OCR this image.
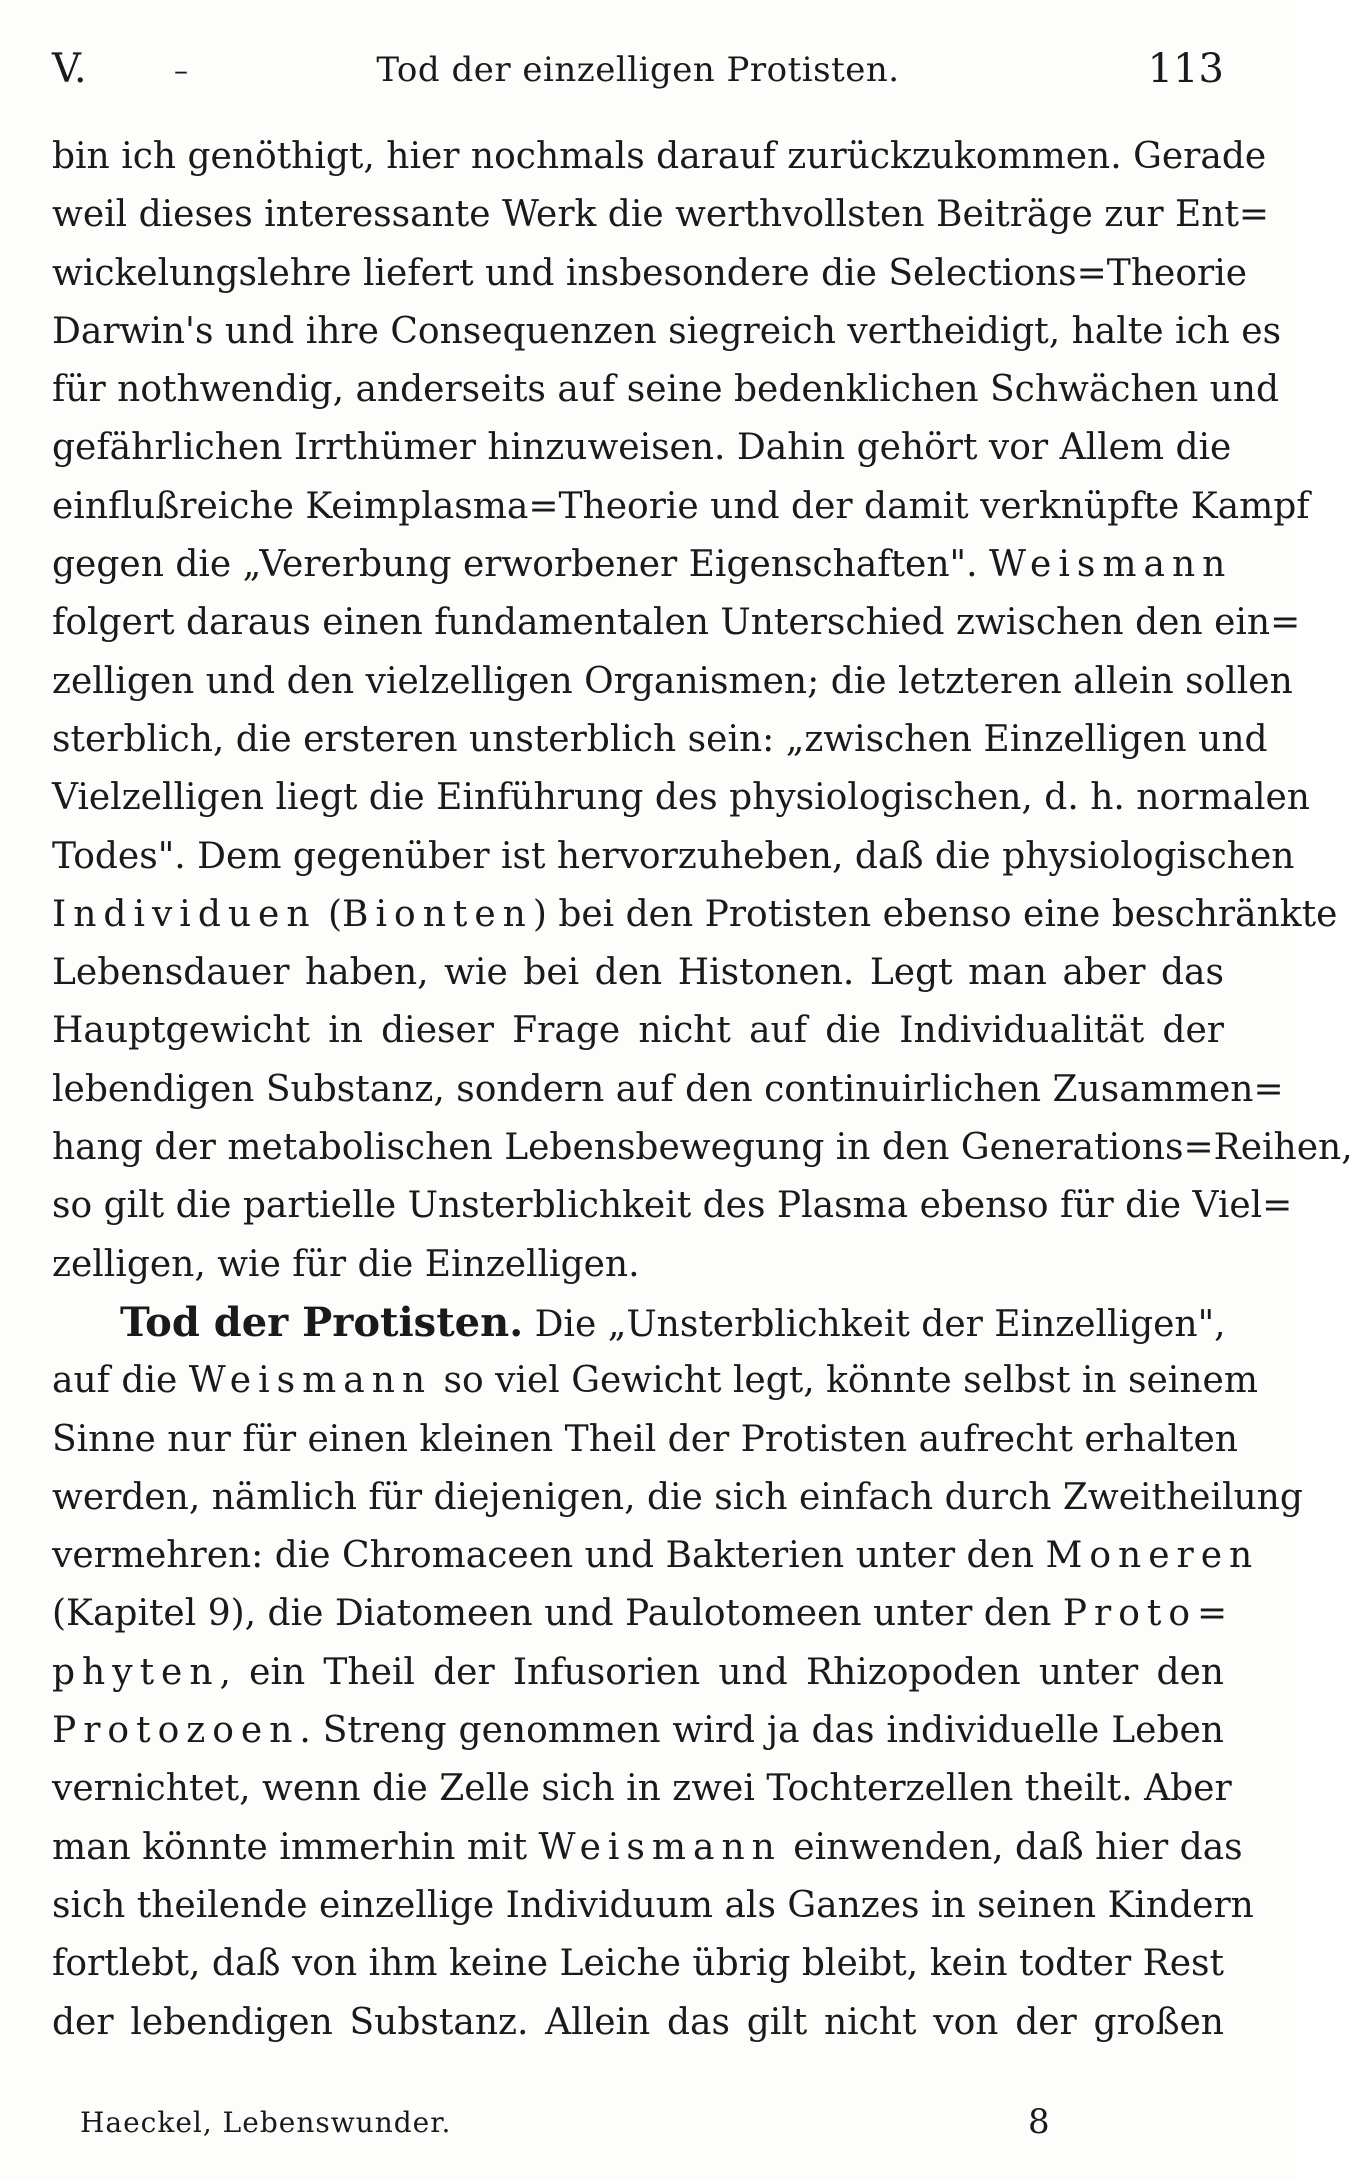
V.	–	Tod der einzelligen Protisten.	113
bin ich genöthigt, hier nochmals darauf zurückzukommen. Gerade
weil dieses interessante Werk die werthvollsten Beiträge zur Ent=
wickelungslehre liefert und insbesondere die Selections=Theorie
Darwin's und ihre Consequenzen siegreich vertheidigt, halte ich es
für nothwendig, anderseits auf seine bedenklichen Schwächen und
gefährlichen Irrthümer hinzuweisen. Dahin gehört vor Allem die
einflußreiche Keimplasma=Theorie und der damit verknüpfte Kampf
gegen die „Vererbung erworbener Eigenschaften". Weismann
folgert daraus einen fundamentalen Unterschied zwischen den ein=
zelligen und den vielzelligen Organismen; die letzteren allein sollen
sterblich, die ersteren unsterblich sein: „zwischen Einzelligen und
Vielzelligen liegt die Einführung des physiologischen, d. h. normalen
Todes". Dem gegenüber ist hervorzuheben, daß die physiologischen
Individuen (Bionten) bei den Protisten ebenso eine beschränkte
Lebensdauer haben, wie bei den Histonen. Legt man aber das
Hauptgewicht in dieser Frage nicht auf die Individualität der
lebendigen Substanz, sondern auf den continuirlichen Zusammen=
hang der metabolischen Lebensbewegung in den Generations=Reihen,
so gilt die partielle Unsterblichkeit des Plasma ebenso für die Viel=
zelligen, wie für die Einzelligen.
Tod der Protisten. Die „Unsterblichkeit der Einzelligen",
auf die Weismann so viel Gewicht legt, könnte selbst in seinem
Sinne nur für einen kleinen Theil der Protisten aufrecht erhalten
werden, nämlich für diejenigen, die sich einfach durch Zweitheilung
vermehren: die Chromaceen und Bakterien unter den Moneren
(Kapitel 9), die Diatomeen und Paulotomeen unter den Proto=
phyten, ein Theil der Infusorien und Rhizopoden unter den
Protozoen. Streng genommen wird ja das individuelle Leben
vernichtet, wenn die Zelle sich in zwei Tochterzellen theilt. Aber
man könnte immerhin mit Weismann einwenden, daß hier das
sich theilende einzellige Individuum als Ganzes in seinen Kindern
fortlebt, daß von ihm keine Leiche übrig bleibt, kein todter Rest
der lebendigen Substanz. Allein das gilt nicht von der großen
Haeckel, Lebenswunder.	8
